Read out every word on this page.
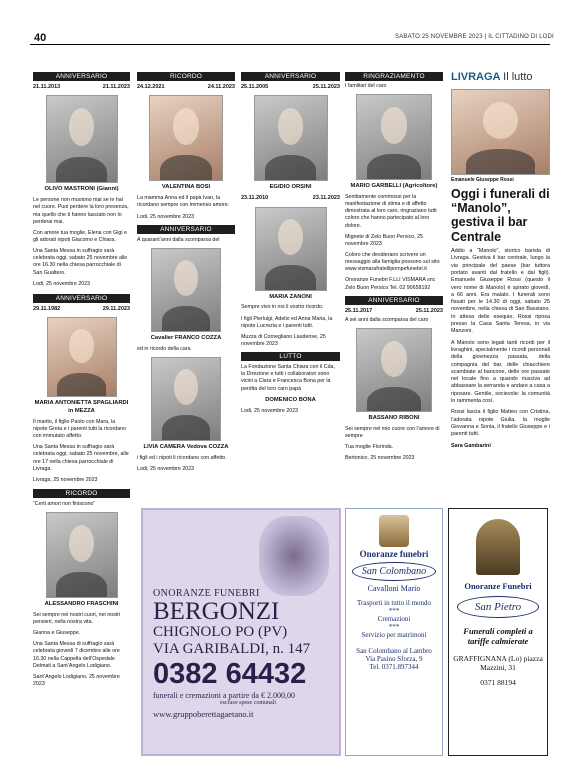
40	SABATO 25 NOVEMBRE 2023 | IL CITTADINO DI LODI
ANNIVERSARIO
21.11.2013	21.11.2023
OLIVO MASTRONI (Gianni)

Le persone non muoiono mai se le hai nel cuore. Puoi perdere la loro presenza, ma quello che ti hanno lasciato non lo perderai mai.

Con amore tua moglie, Elena con Gigi e gli adorati nipoti Giacomo e Chiara.

Una Santa Messa in suffragio sarà celebrata oggi, sabato 25 novembre alle ore 16.30 nella chiesa parrocchiale di San Gualtero.

Lodi, 25 novembre 2023

ANNIVERSARIO
29.11.1982	29.11.2023
MARIA ANTONIETTA SPAGLIARDI in MEZZA

Il marito, il figlio Paolo con Mara, la nipote Greta e i parenti tutti la ricordano con immutato affetto.

Una Santa Messa in suffragio sarà celebrata oggi, sabato 25 novembre, alle ore 17 nella chiesa parrocchiale di Livraga.

Livraga, 25 novembre 2023

RICORDO

“Certi amori non finiscono”

ALESSANDRO FRASCHINI

Sei sempre nei nostri cuori, nei nostri pensieri, nella nostra vita.

Gianna e Giuseppe.

Una Santa Messa di suffragio sarà celebrata giovedì 7 dicembre alle ore 16.30 nella Cappella dell’Ospedale Delmati a Sant’Angelo Lodigiano.

Sant’Angelo Lodigiano, 25 novembre 2023

RICORDO
24.12.2021	24.11.2023
VALENTINA BOSI

La mamma Anna ed il papà Ivan, la ricordano sempre con immenso amore.

Lodi, 25 novembre 2023

ANNIVERSARIO

A quarant’anni dalla scomparsa del

Cavalier FRANCO COZZA

ed in ricordo della cara

LIVIA CAMERA Vedova COZZA

i figli ed i nipoti li ricordano con affetto.

Lodi, 25 novembre 2023

ANNIVERSARIO
25.11.2005	25.11.2023
EGIDIO ORSINI
23.11.2010	23.11.2023
MARIA ZANONI

Sempre vivo in noi il vostro ricordo.

I figli Pierluigi, Adelio ed Anna Maria, la nipote Lucrezia e i parenti tutti.

Muzza di Cornegliano Laudense, 25 novembre 2023

LUTTO

La Fondazione Santa Chiara con il Cda, la Direzione e tutti i collaboratori sono vicini a Clara e Francesca Bona per la perdita del loro caro papà

DOMENICO BONA

Lodi, 25 novembre 2023

RINGRAZIAMENTO

I familiari del caro

MARIO GARBELLI (Agricoltore)

Sentitamente commossi per la manifestazione di stima e di affetto dimostrata al loro caro, ringraziano tutti coloro che hanno partecipato al loro dolore.

Mignete di Zelo Buon Persico, 25 novembre 2023

Coloro che desiderano scrivere un messaggio alla famiglia possono sul sito www.vismarafratellipompefunebri.it

Onoranze Funebri F.LLI VISMARA snc Zelo Buon Persico Tel. 02 90658192

ANNIVERSARIO
25.11.2017	25.11.2023

A sei anni dalla scomparsa del caro

BASSANO RIBONI

Sei sempre nel mio cuore con l’amore di sempre

Tua moglie Florinda.

Bertonico, 25 novembre 2023

LIVRAGA Il lutto
Emanuele Giuseppe Rossi
Oggi i funerali di “Manolo”, gestiva il bar Centrale

Addio a “Manolo”, storico barista di Livraga. Gestiva il bar centrale, lungo la via principale del paese (bar tuttora portato avanti dal fratello e dai figli). Emanuele Giuseppe Rossi (questo il vero nome di Manolo) è spirato giovedì, a 66 anni. Era malato. I funerali sono fissati per le 14.30 di oggi, sabato 25 novembre, nella chiesa di San Bassiano. In attesa delle esequie, Rossi riposa presso la Casa Santa Teresa, in via Manzoni.

A Manolo sono legati tanti ricordi per il livraghini, specialmente i ricordi personali della giovinezza passata, della compagnia del bar, delle chiacchiere scambiate al bancone, delle ore passate nel locale fino a quando riusciva ad abbassare la serranda e andare a casa a riposare. Gentile, socievole: la comunità lo rammenta così.

Rossi lascia il figlio Matteo con Cristina, l’adorata nipote Giulia, la moglie Giovanna e Sonia, il fratello Giuseppe e i parenti tutti.

Sara Gambarini
ONORANZE FUNEBRI
BERGONZI
CHIGNOLO PO (PV)
VIA GARIBALDI, n. 147
0382 64432
funerali e cremazioni a partire da € 2.000,00
escluso spese comunali
www.gruppoberettagaetano.it
Onoranze funebri
San Colombano
Cavalloni Mario
Trasporti in tutto il mondo
***
Cremazioni
***
Servizio per matrimoni
San Colombano al Lambro
Via Pasino Sforza, 9
Tel. 0371.897344
Onoranze Funebri
San Pietro
Funerali completi a tariffe calmierate
GRAFFIGNANA (Lo) piazza Mazzini, 31
0371 88194
